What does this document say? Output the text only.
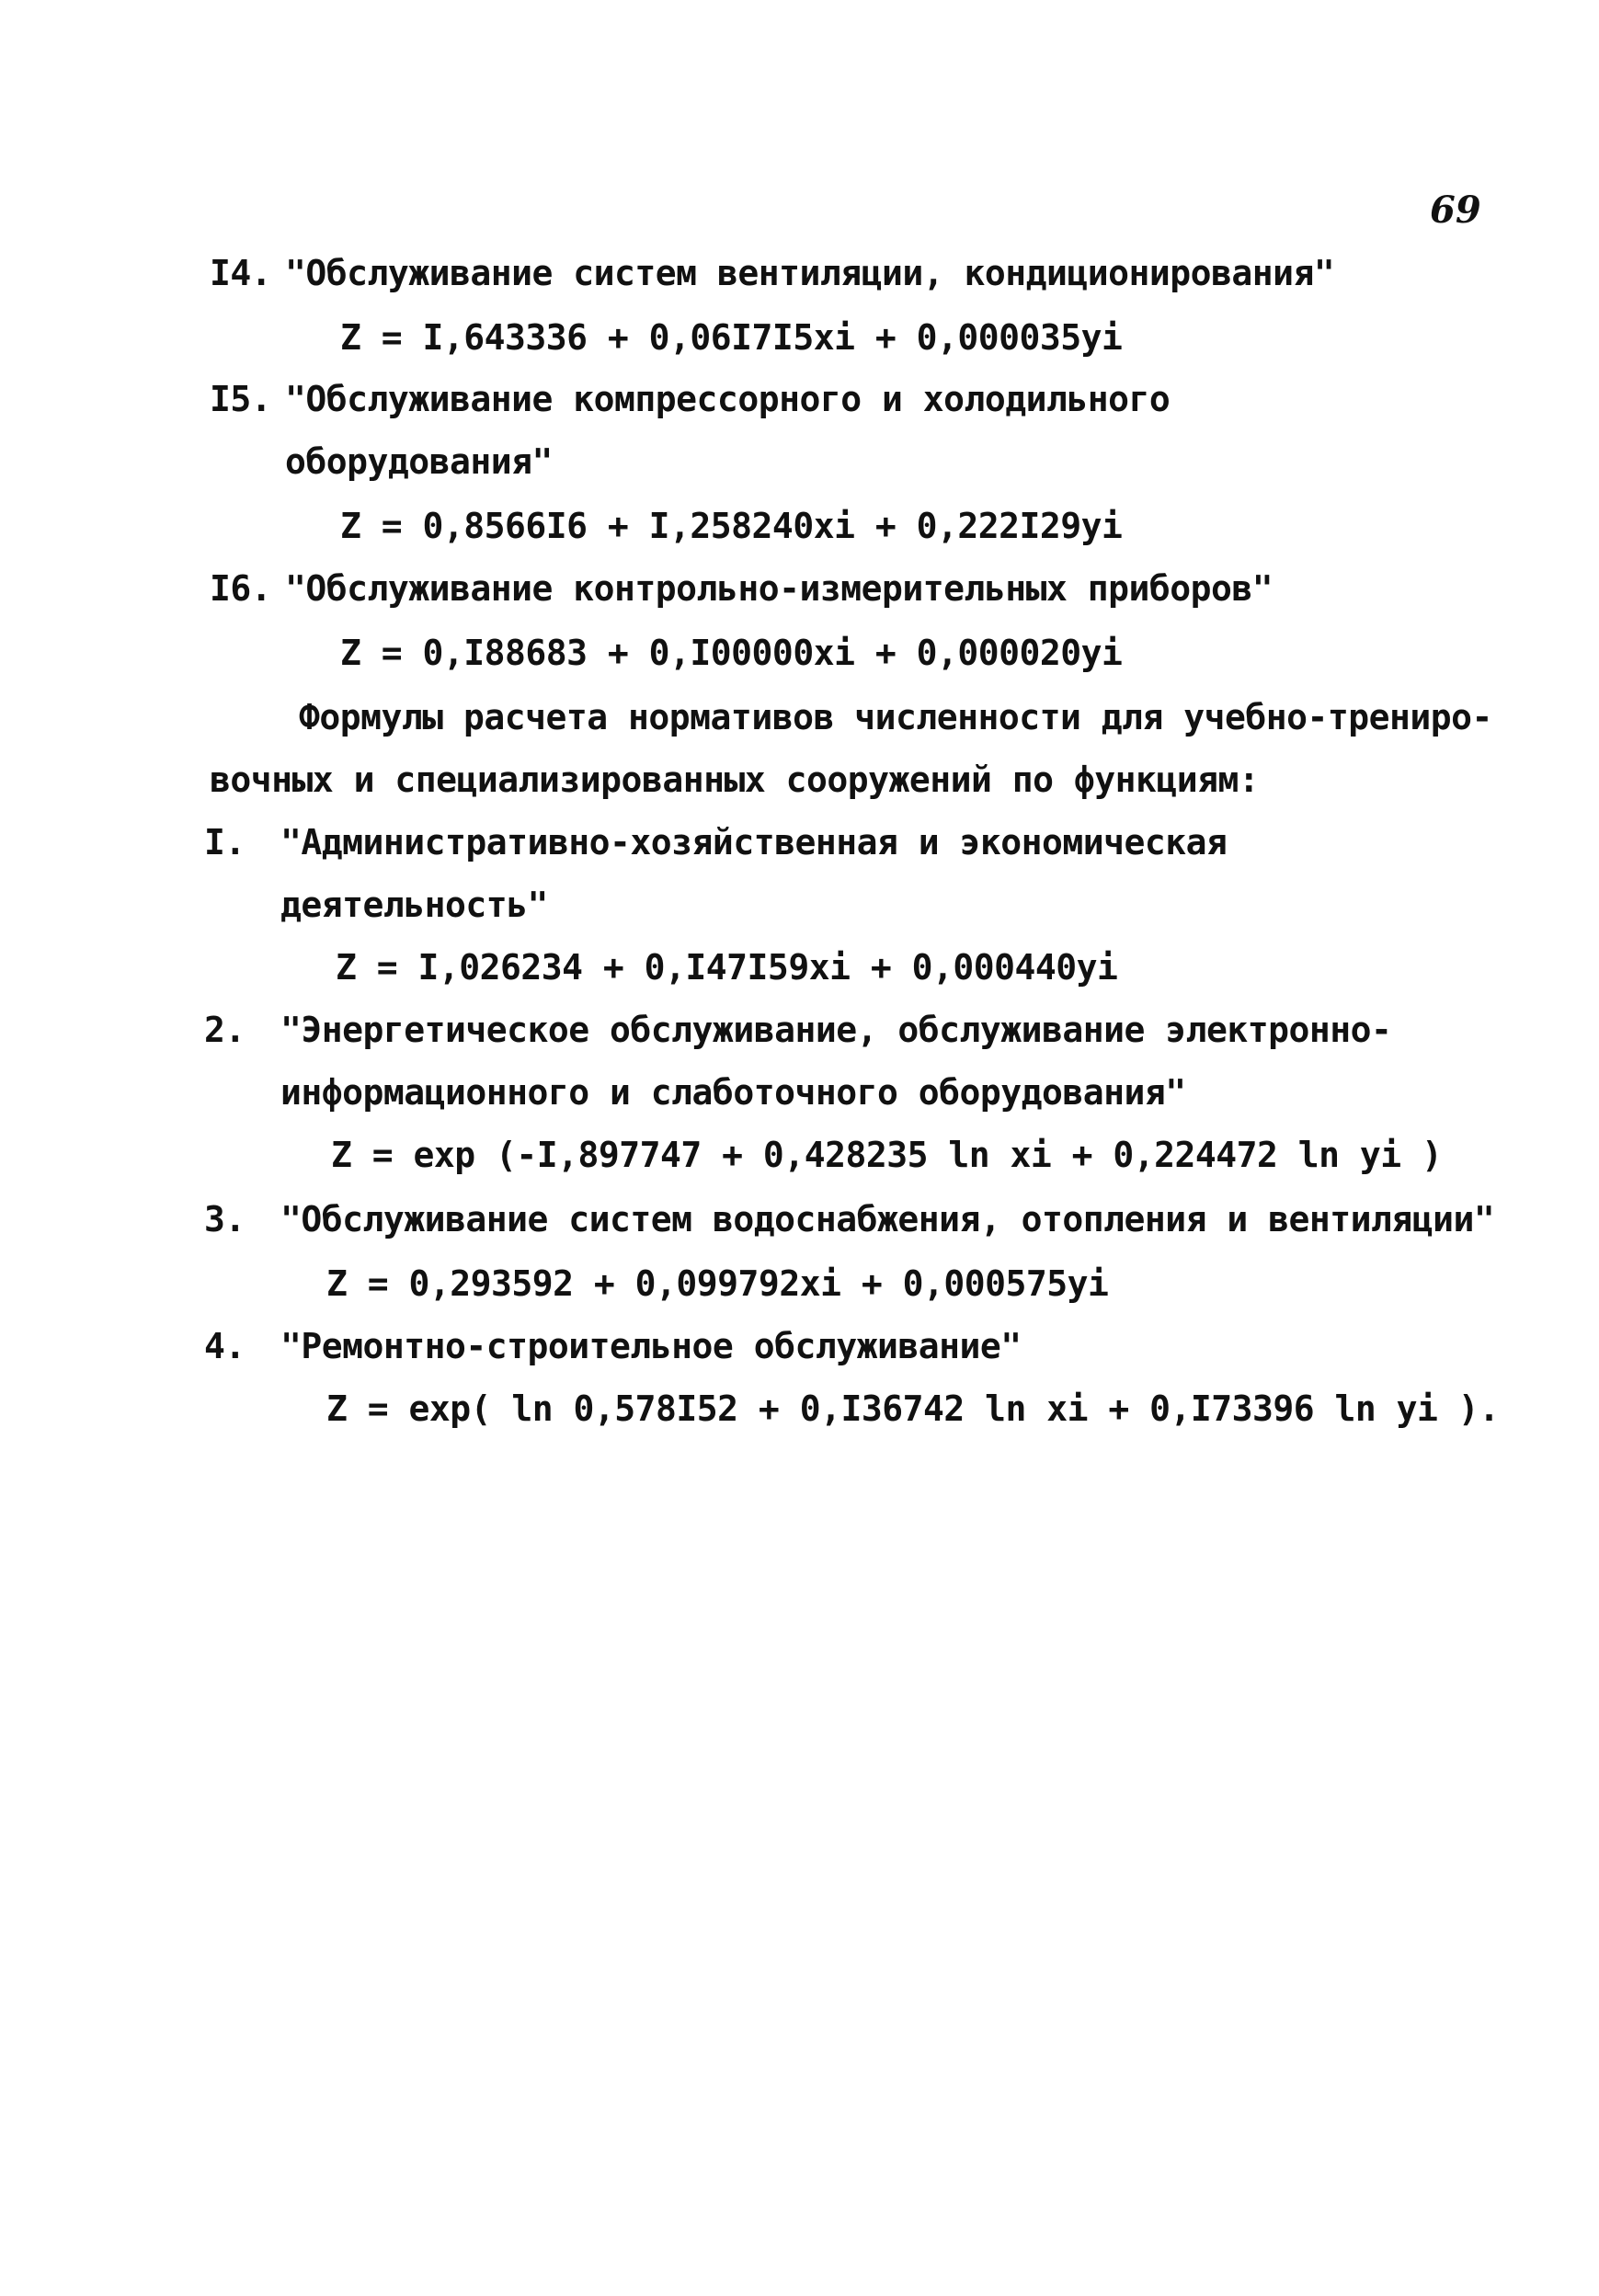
69
I4. "Обслуживание систем вентиляции, кондиционирования"
Z = I,643336 + 0,06I7I5xi + 0,000035yi
I5. "Обслуживание компрессорного и холодильного
оборудования"
Z = 0,8566I6 + I,258240xi + 0,222I29yi
I6. "Обслуживание контрольно-измерительных приборов"
Z = 0,I88683 + 0,I00000xi + 0,000020yi
Формулы расчета нормативов численности для учебно-трениро-
вочных и специализированных сооружений по функциям:
I. "Административно-хозяйственная и экономическая
деятельность"
Z = I,026234 + 0,I47I59xi + 0,000440yi
2. "Энергетическое обслуживание, обслуживание электронно-
информационного и слаботочного оборудования"
Z = exp (-I,897747 + 0,428235 ln xi + 0,224472 ln yi )
3. "Обслуживание систем водоснабжения, отопления и вентиляции"
Z = 0,293592 + 0,099792xi + 0,000575yi
4. "Ремонтно-строительное обслуживание"
Z = exp( ln 0,578I52 + 0,I36742 ln xi + 0,I73396 ln yi ).
